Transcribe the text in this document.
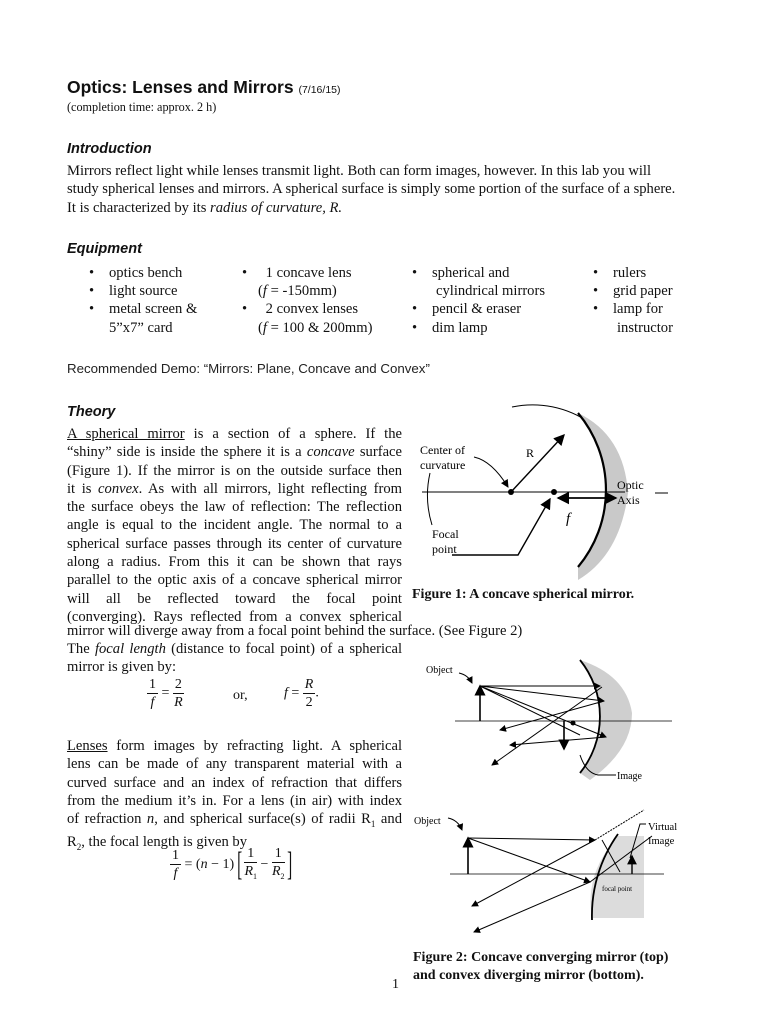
Optics: Lenses and Mirrors (7/16/15)
(completion time: approx. 2 h)
Introduction
Mirrors reflect light while lenses transmit light. Both can form images, however. In this lab you will
study spherical lenses and mirrors. A spherical surface is simply some portion of the surface of a sphere.
It is characterized by its radius of curvature, R.
Equipment
• optics bench
• light source
• metal screen &
5”x7” card
• 1 concave lens
(f = -150mm)
• 2 convex lenses
(f = 100 & 200mm)
• spherical and
cylindrical mirrors
• pencil & eraser
• dim lamp
• rulers
• grid paper
• lamp for
instructor
Recommended Demo: “Mirrors: Plane, Concave and Convex”
Theory
A spherical mirror is a section of a sphere. If the
“shiny” side is inside the sphere it is a concave surface
(Figure 1). If the mirror is on the outside surface then
it is convex. As with all mirrors, light reflecting from
the surface obeys the law of reflection: The reflection
angle is equal to the incident angle. The normal to a
spherical surface passes through its center of curvature
along a radius. From this it can be shown that rays
parallel to the optic axis of a concave spherical mirror
will all be reflected toward the focal point
(converging). Rays reflected from a convex spherical
mirror will diverge away from a focal point behind the surface. (See Figure 2)
The focal length (distance to focal point) of a spherical
mirror is given by:
$\frac{1}{f} = \frac{2}{R}$	or,	$f = \frac{R}{2}$ .
Lenses form images by refracting light. A spherical
lens can be made of any transparent material with a
curved surface and an index of refraction that differs
from the medium it’s in. For a lens (in air) with index
of refraction n, and spherical surface(s) of radii $R_1$ and
$R_2$, the focal length is given by
$\frac{1}{f} = (n - 1)$ [ $\frac{1}{R_1} - \frac{1}{R_2}$ ]
Center of
curvature
R
Optic
Axis
f
Focal
point
Figure 1: A concave spherical mirror.
Object
Image
Object
Virtual
Image
focal point
Figure 2: Concave converging mirror (top)
and convex diverging mirror (bottom).
1
